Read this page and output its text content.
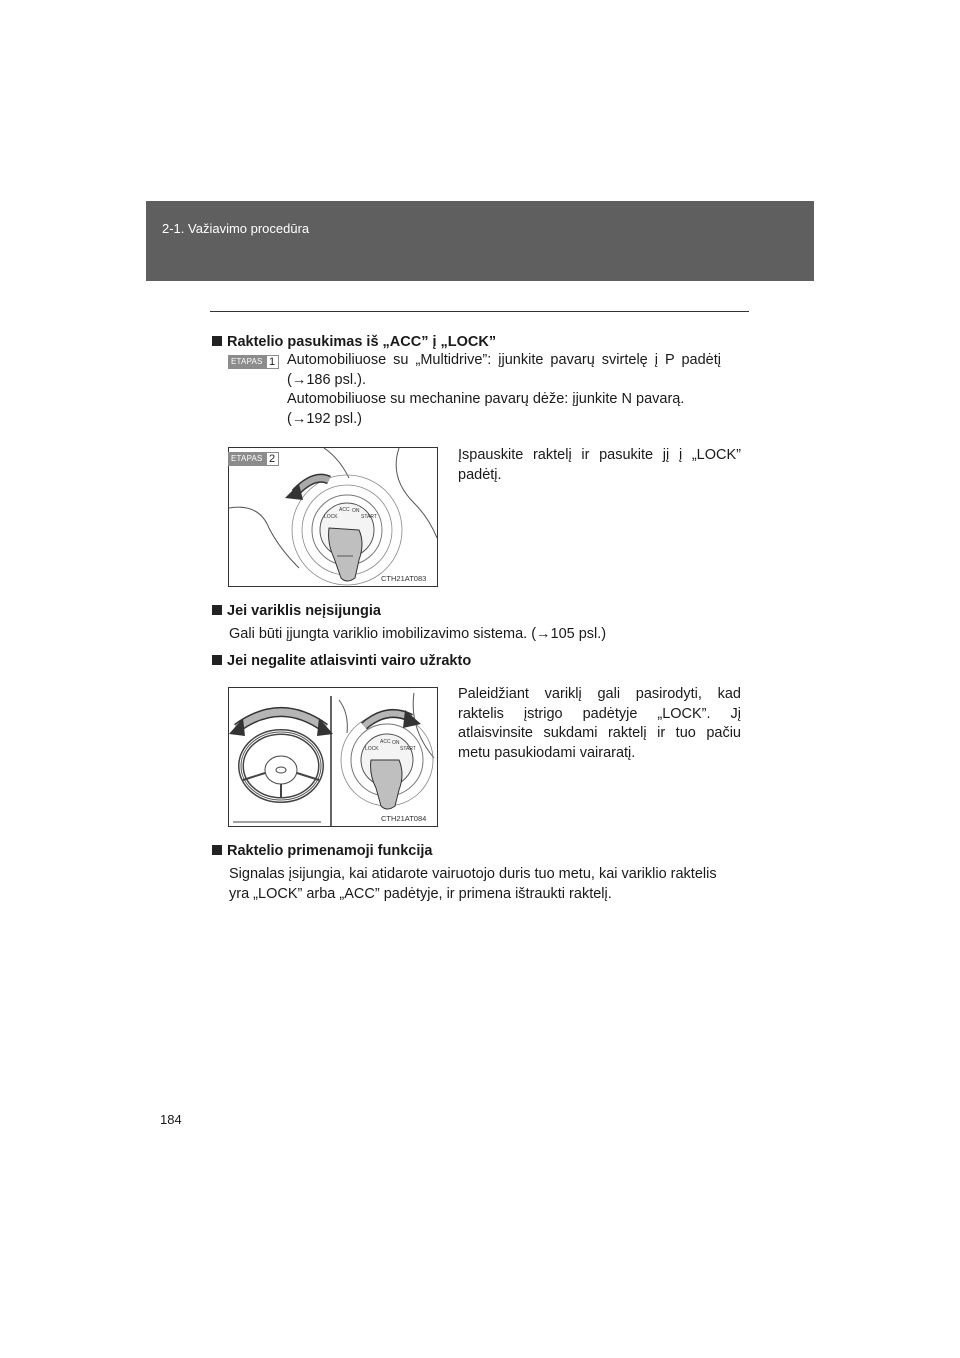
2-1. Važiavimo procedūra
Raktelio pasukimas iš „ACC” į „LOCK”
ETAPAS 1 Automobiliuose su „Multidrive”: įjunkite pavarų svirtelę į P padėtį
(→186 psl.).
Automobiliuose su mechanine pavarų dėže: įjunkite N pavarą.
(→192 psl.)
LOCK
ACC ON
START
CTH21AT083
ETAPAS 2	Įspauskite raktelį ir pasukite jį į „LOCK” padėtį.
Jei variklis neįsijungia
Gali būti įjungta variklio imobilizavimo sistema. (→105 psl.)
Jei negalite atlaisvinti vairo užrakto
LOCK
ACC ON
START
CTH21AT084
Paleidžiant variklį gali pasirodyti, kad raktelis įstrigo padėtyje „LOCK”. Jį atlaisvinsite sukdami raktelį ir tuo pačiu metu pasukiodami vairaratį.
Raktelio primenamoji funkcija
Signalas įsijungia, kai atidarote vairuotojo duris tuo metu, kai variklio raktelis
yra „LOCK” arba „ACC” padėtyje, ir primena ištraukti raktelį.
184
